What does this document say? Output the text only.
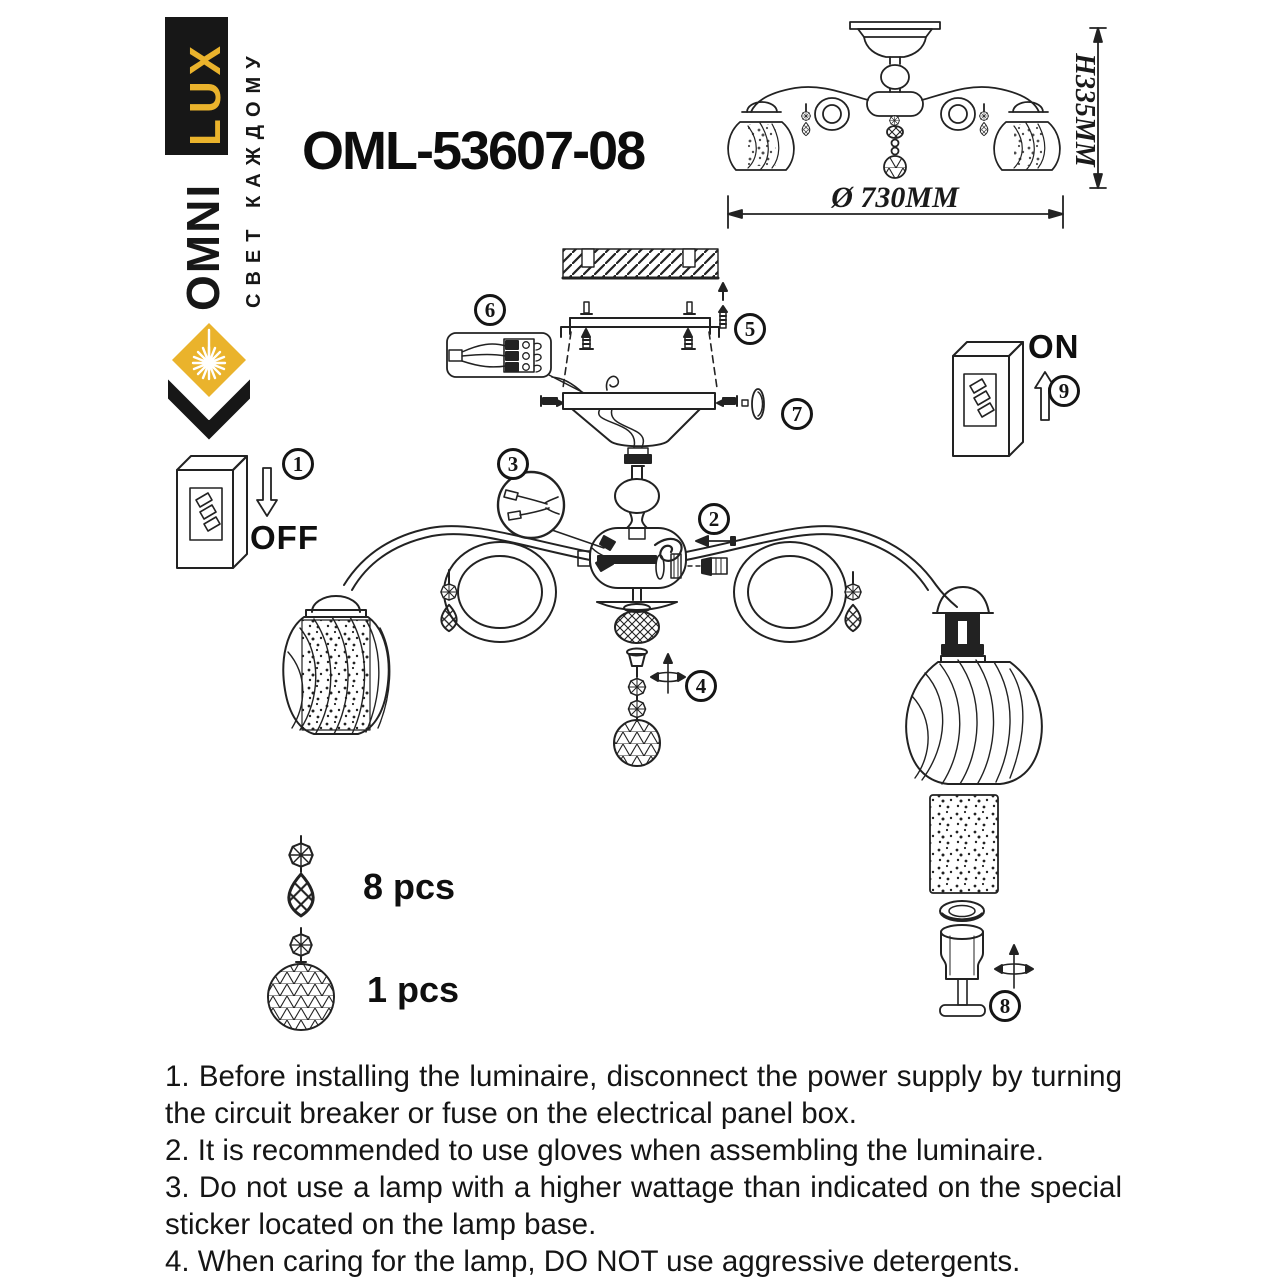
LUX
OMNI СВЕТ КАЖДОМУ OML-53607-08
Ø 730MM
H335MM
OFF
ON
1
2
3
4
5
6
7
8
9
8 pcs
1 pcs

1. Before installing the luminaire, disconnect the power supply by turning the circuit breaker or fuse on the electrical panel box.

2. It is recommended to use gloves when assembling the luminaire.

3. Do not use a lamp with a higher wattage than indicated on the special sticker located on the lamp base.

4. When caring for the lamp, DO NOT use aggressive detergents.
